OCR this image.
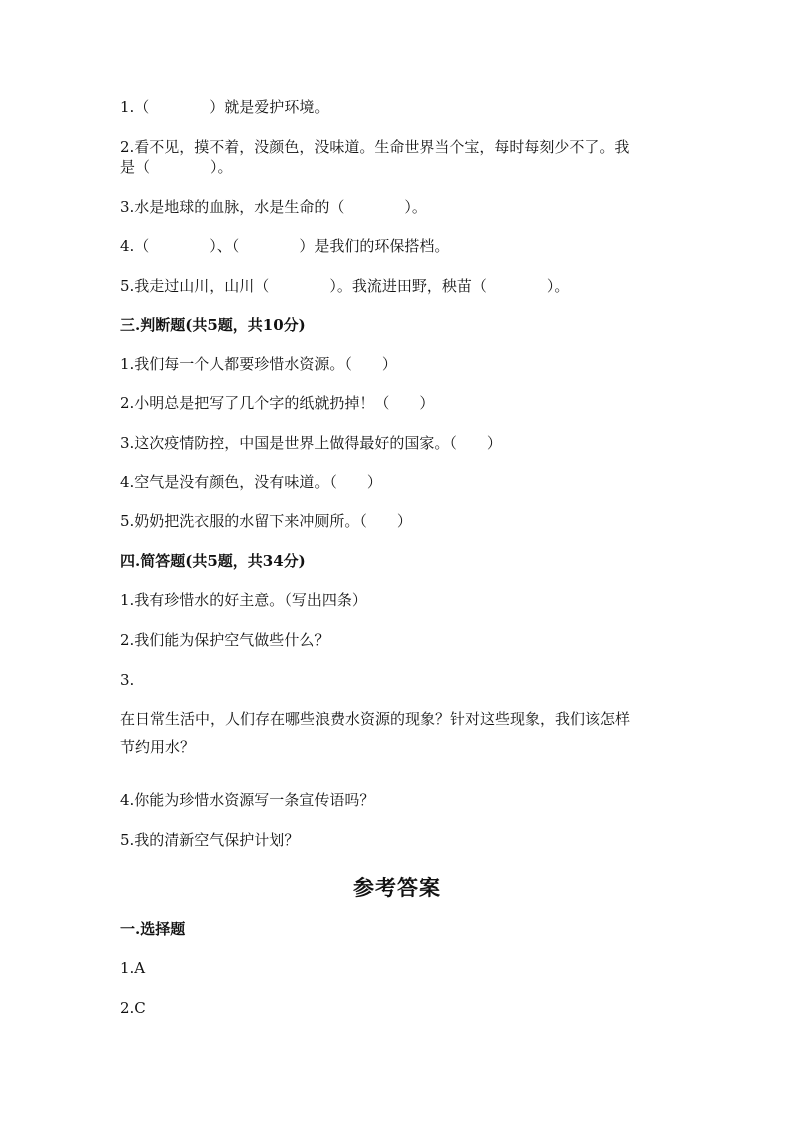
1.（　　　　）就是爱护环境。
2.看不见，摸不着，没颜色，没味道。生命世界当个宝，每时每刻少不了。我
是（　　　　）。
3.水是地球的血脉，水是生命的（　　　　）。
4.（　　　　）、（　　　　）是我们的环保搭档。
5.我走过山川，山川（　　　　）。我流进田野，秧苗（　　　　）。
三.判断题(共5题，共10分)
1.我们每一个人都要珍惜水资源。（　　）
2.小明总是把写了几个字的纸就扔掉！（　　）
3.这次疫情防控，中国是世界上做得最好的国家。（　　）
4.空气是没有颜色，没有味道。（　　）
5.奶奶把洗衣服的水留下来冲厕所。（　　）
四.简答题(共5题，共34分)
1.我有珍惜水的好主意。（写出四条）
2.我们能为保护空气做些什么？
3.
在日常生活中，人们存在哪些浪费水资源的现象？针对这些现象，我们该怎样
节约用水？
4.你能为珍惜水资源写一条宣传语吗？
5.我的清新空气保护计划？
参考答案
一.选择题
1.A
2.C
